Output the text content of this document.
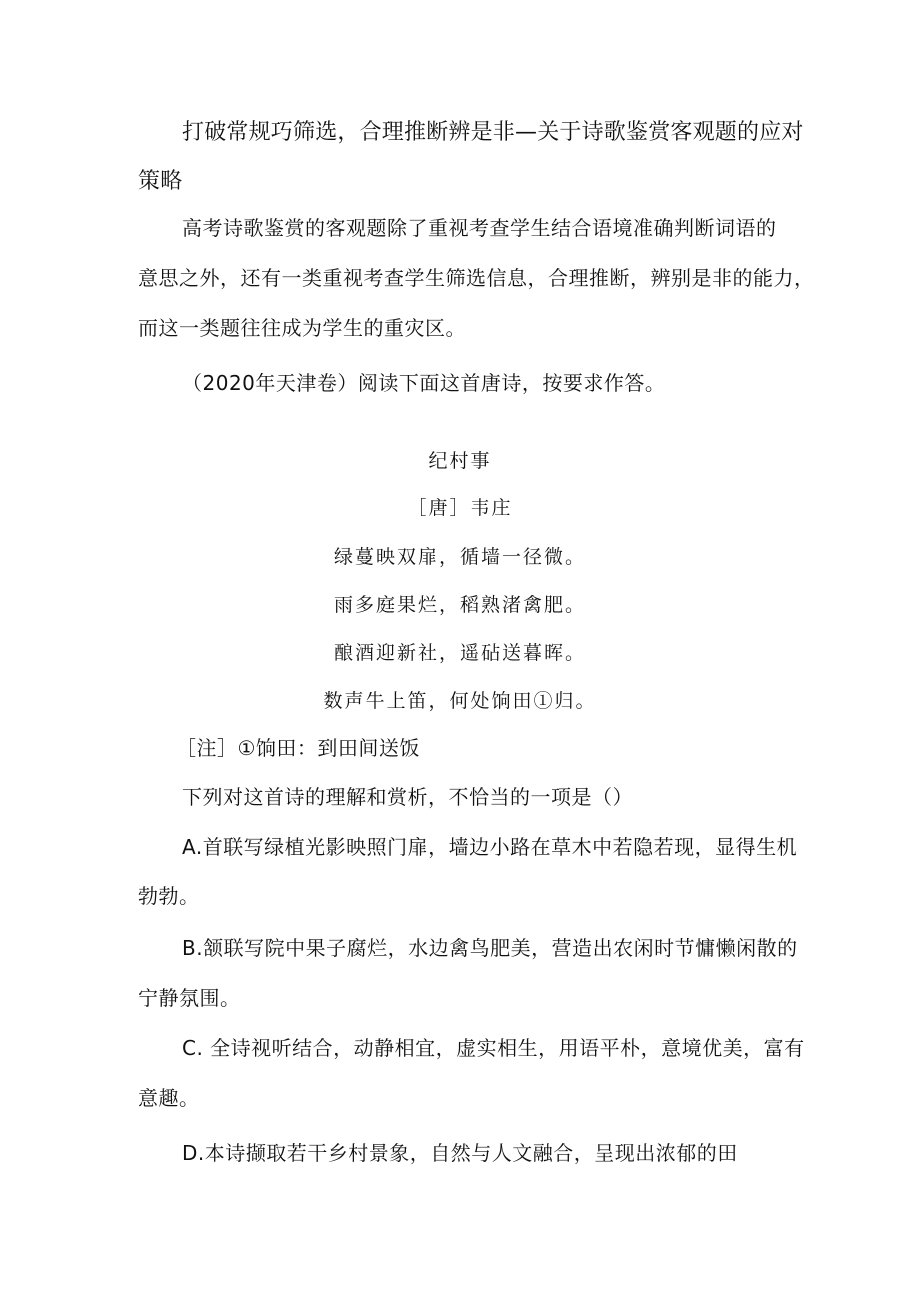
打破常规巧筛选，合理推断辨是非—关于诗歌鉴赏客观题的应对
策略
高考诗歌鉴赏的客观题除了重视考查学生结合语境准确判断词语的
意思之外，还有一类重视考查学生筛选信息，合理推断，辨别是非的能力，
而这一类题往往成为学生的重灾区。
（2020年天津卷）阅读下面这首唐诗，按要求作答。
纪村事
［唐］韦庄
绿蔓映双扉，循墙一径微。
雨多庭果烂，稻熟渚禽肥。
酿酒迎新社，遥砧送暮晖。
数声牛上笛，何处饷田①归。
［注］①饷田：到田间送饭
下列对这首诗的理解和赏析，不恰当的一项是（）
A.首联写绿植光影映照门扉，墙边小路在草木中若隐若现，显得生机
勃勃。
B.颔联写院中果子腐烂，水边禽鸟肥美，营造出农闲时节慵懒闲散的
宁静氛围。
C. 全诗视听结合，动静相宜，虚实相生，用语平朴，意境优美，富有
意趣。
D.本诗撷取若干乡村景象，自然与人文融合，呈现出浓郁的田
